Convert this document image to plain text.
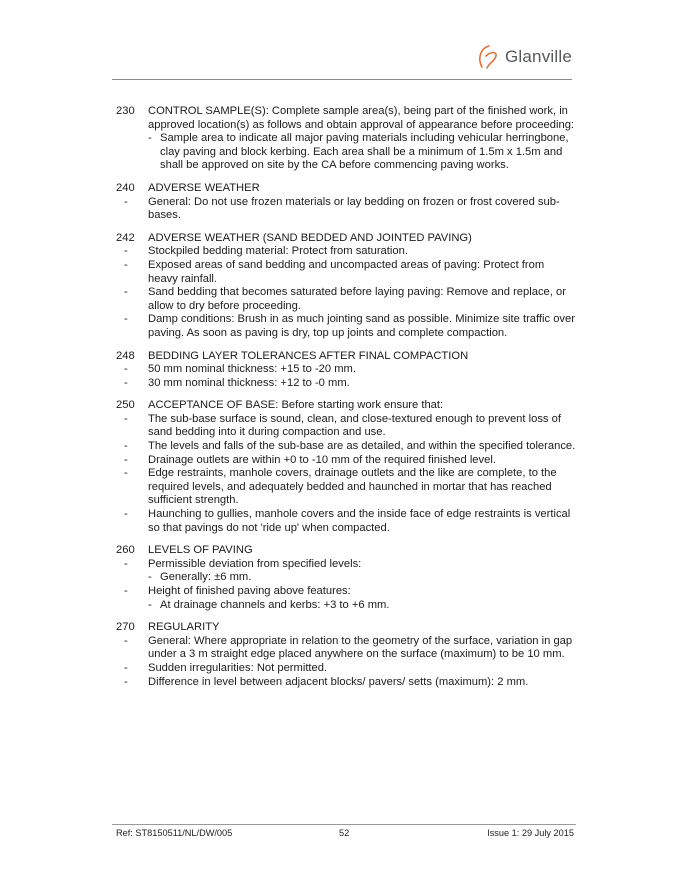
Glanville
230	CONTROL SAMPLE(S): Complete sample area(s), being part of the finished work, in approved location(s) as follows and obtain approval of appearance before proceeding:
- Sample area to indicate all major paving materials including vehicular herringbone, clay paving and block kerbing. Each area shall be a minimum of 1.5m x 1.5m and shall be approved on site by the CA before commencing paving works.
240	ADVERSE WEATHER
-	General: Do not use frozen materials or lay bedding on frozen or frost covered sub-bases.
242	ADVERSE WEATHER (SAND BEDDED AND JOINTED PAVING)
-	Stockpiled bedding material: Protect from saturation.
-	Exposed areas of sand bedding and uncompacted areas of paving: Protect from heavy rainfall.
-	Sand bedding that becomes saturated before laying paving: Remove and replace, or allow to dry before proceeding.
-	Damp conditions: Brush in as much jointing sand as possible. Minimize site traffic over paving. As soon as paving is dry, top up joints and complete compaction.
248	BEDDING LAYER TOLERANCES AFTER FINAL COMPACTION
-	50 mm nominal thickness: +15 to -20 mm.
-	30 mm nominal thickness: +12 to -0 mm.
250	ACCEPTANCE OF BASE: Before starting work ensure that:
-	The sub-base surface is sound, clean, and close-textured enough to prevent loss of sand bedding into it during compaction and use.
-	The levels and falls of the sub-base are as detailed, and within the specified tolerance.
-	Drainage outlets are within +0 to -10 mm of the required finished level.
-	Edge restraints, manhole covers, drainage outlets and the like are complete, to the required levels, and adequately bedded and haunched in mortar that has reached sufficient strength.
-	Haunching to gullies, manhole covers and the inside face of edge restraints is vertical so that pavings do not 'ride up' when compacted.
260	LEVELS OF PAVING
-	Permissible deviation from specified levels:
- Generally: ±6 mm.
-	Height of finished paving above features:
- At drainage channels and kerbs: +3 to +6 mm.
270	REGULARITY
-	General: Where appropriate in relation to the geometry of the surface, variation in gap under a 3 m straight edge placed anywhere on the surface (maximum) to be 10 mm.
-	Sudden irregularities: Not permitted.
-	Difference in level between adjacent blocks/ pavers/ setts (maximum): 2 mm.
Ref: ST8150511/NL/DW/005	52	Issue 1: 29 July 2015
